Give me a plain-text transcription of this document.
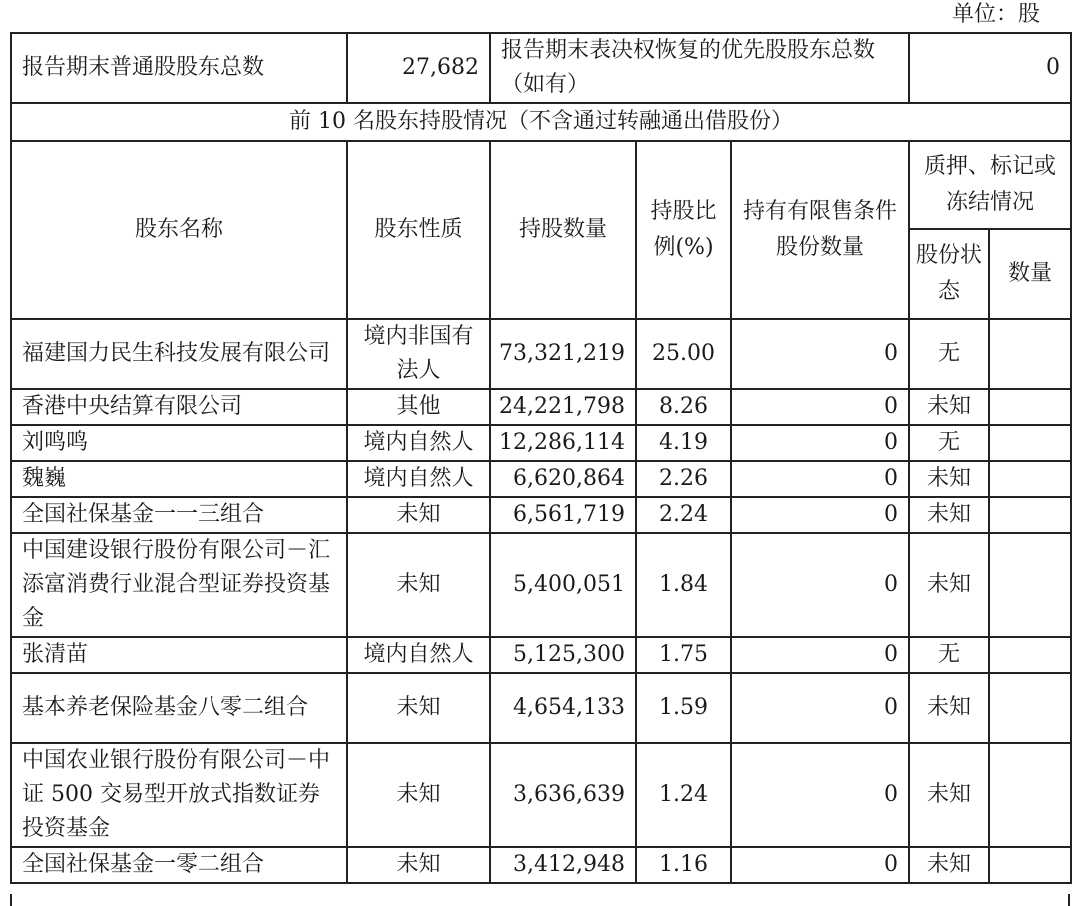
单位：股
报告期末普通股股东总数	27,682	报告期末表决权恢复的优先股股东总数（如有）			0	
前 10 名股东持股情况（不含通过转融通出借股份）						
股东名称	股东性质	持股数量	持股比例(%)	持有有限售条件股份数量	质押、标记或冻结情况	
					股份状态	数量
福建国力民生科技发展有限公司	境内非国有法人	73,321,219	25.00	0	无	
香港中央结算有限公司	其他	24,221,798	8.26	0	未知	
刘鸣鸣	境内自然人	12,286,114	4.19	0	无	
魏巍	境内自然人	6,620,864	2.26	0	未知	
全国社保基金一一三组合	未知	6,561,719	2.24	0	未知	
中国建设银行股份有限公司－汇添富消费行业混合型证券投资基金	未知	5,400,051	1.84	0	未知	
张清苗	境内自然人	5,125,300	1.75	0	无	
基本养老保险基金八零二组合	未知	4,654,133	1.59	0	未知	
中国农业银行股份有限公司－中证 500 交易型开放式指数证券投资基金	未知	3,636,639	1.24	0	未知	
全国社保基金一零二组合	未知	3,412,948	1.16	0	未知	
